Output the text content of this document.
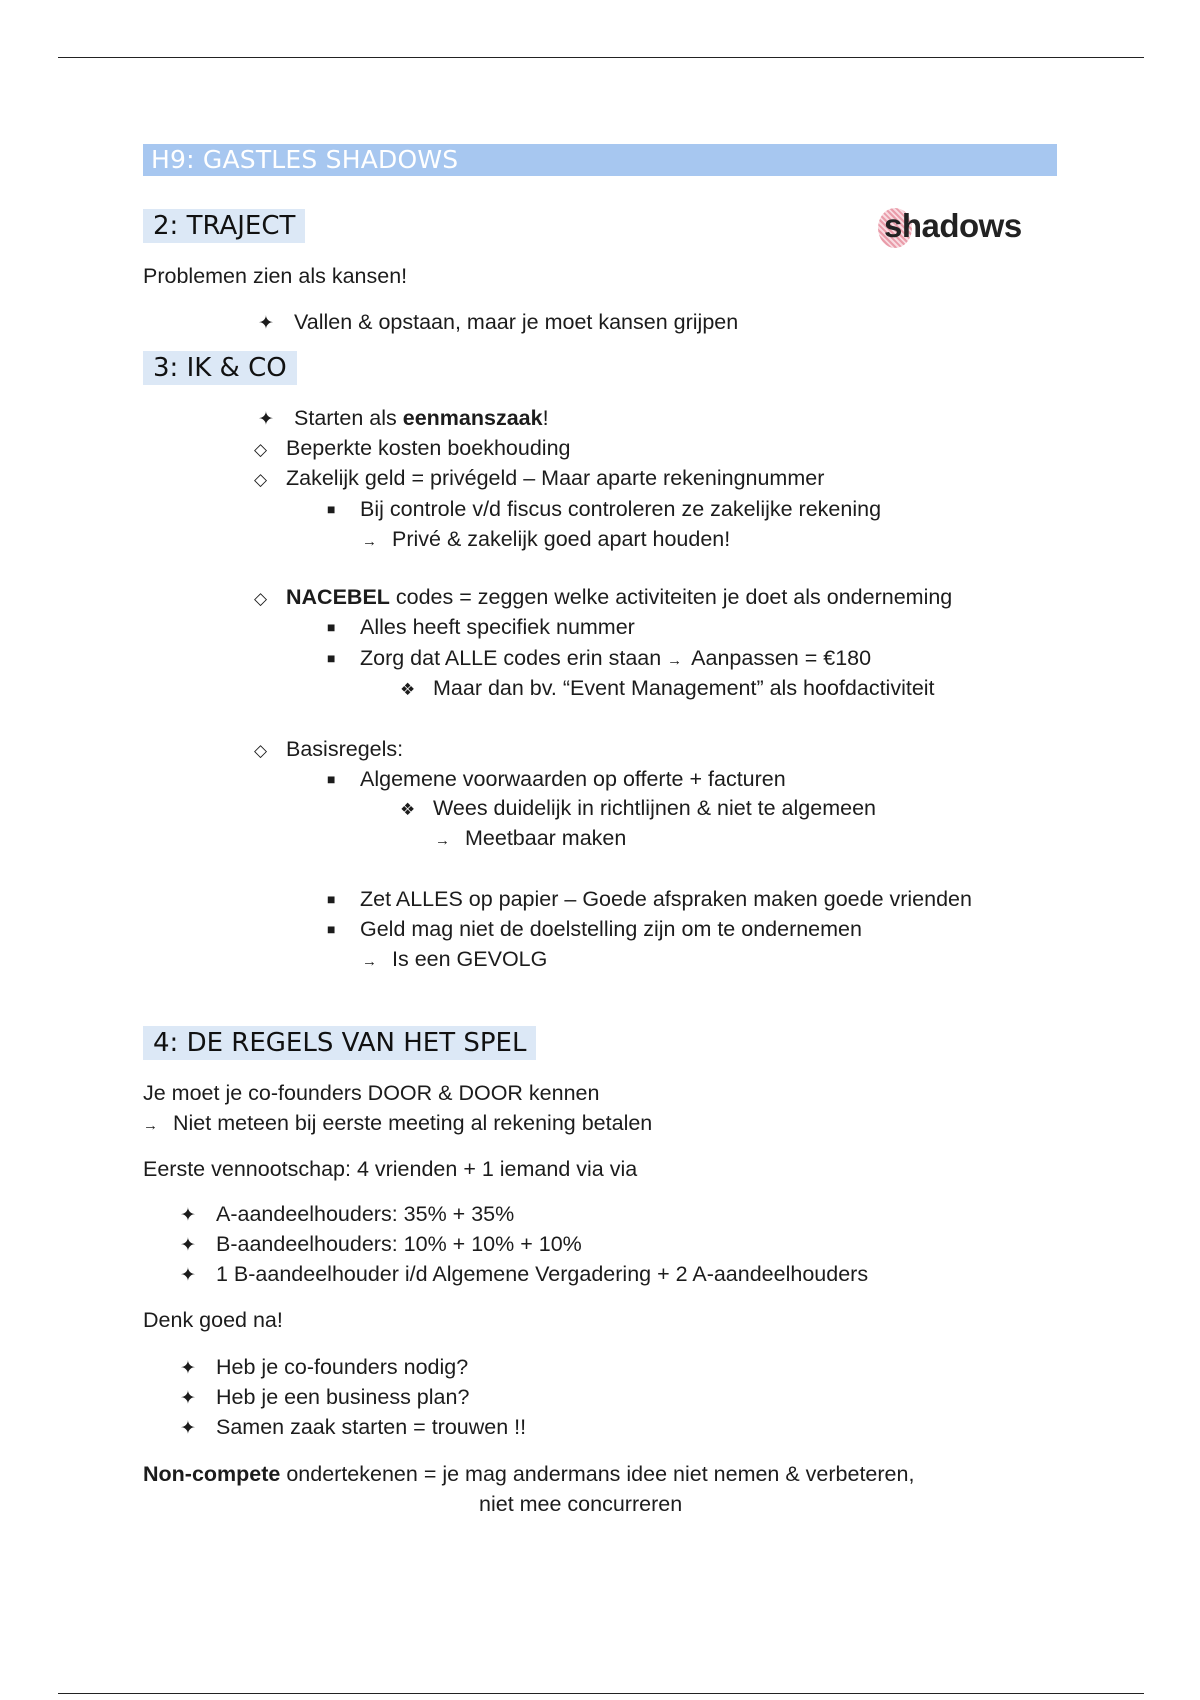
H9: GASTLES SHADOWS
2: TRAJECT	shadows
Problemen zien als kansen!
✦ Vallen & opstaan, maar je moet kansen grijpen
3: IK & CO
✦ Starten als eenmanszaak!
◇ Beperkte kosten boekhouding
◇ Zakelijk geld = privégeld – Maar aparte rekeningnummer
■ Bij controle v/d fiscus controleren ze zakelijke rekening
→ Privé & zakelijk goed apart houden!
◇ NACEBEL codes = zeggen welke activiteiten je doet als onderneming
■ Alles heeft specifiek nummer
■ Zorg dat ALLE codes erin staan → Aanpassen = €180
❖ Maar dan bv. “Event Management” als hoofdactiviteit
◇ Basisregels:
■ Algemene voorwaarden op offerte + facturen
❖ Wees duidelijk in richtlijnen & niet te algemeen
→ Meetbaar maken
■ Zet ALLES op papier – Goede afspraken maken goede vrienden
■ Geld mag niet de doelstelling zijn om te ondernemen
→ Is een GEVOLG
4: DE REGELS VAN HET SPEL
Je moet je co-founders DOOR & DOOR kennen
→ Niet meteen bij eerste meeting al rekening betalen
Eerste vennootschap: 4 vrienden + 1 iemand via via
✦ A-aandeelhouders: 35% + 35%
✦ B-aandeelhouders: 10% + 10% + 10%
✦ 1 B-aandeelhouder i/d Algemene Vergadering + 2 A-aandeelhouders
Denk goed na!
✦ Heb je co-founders nodig?
✦ Heb je een business plan?
✦ Samen zaak starten = trouwen !!
Non-compete ondertekenen = je mag andermans idee niet nemen & verbeteren,
niet mee concurreren
